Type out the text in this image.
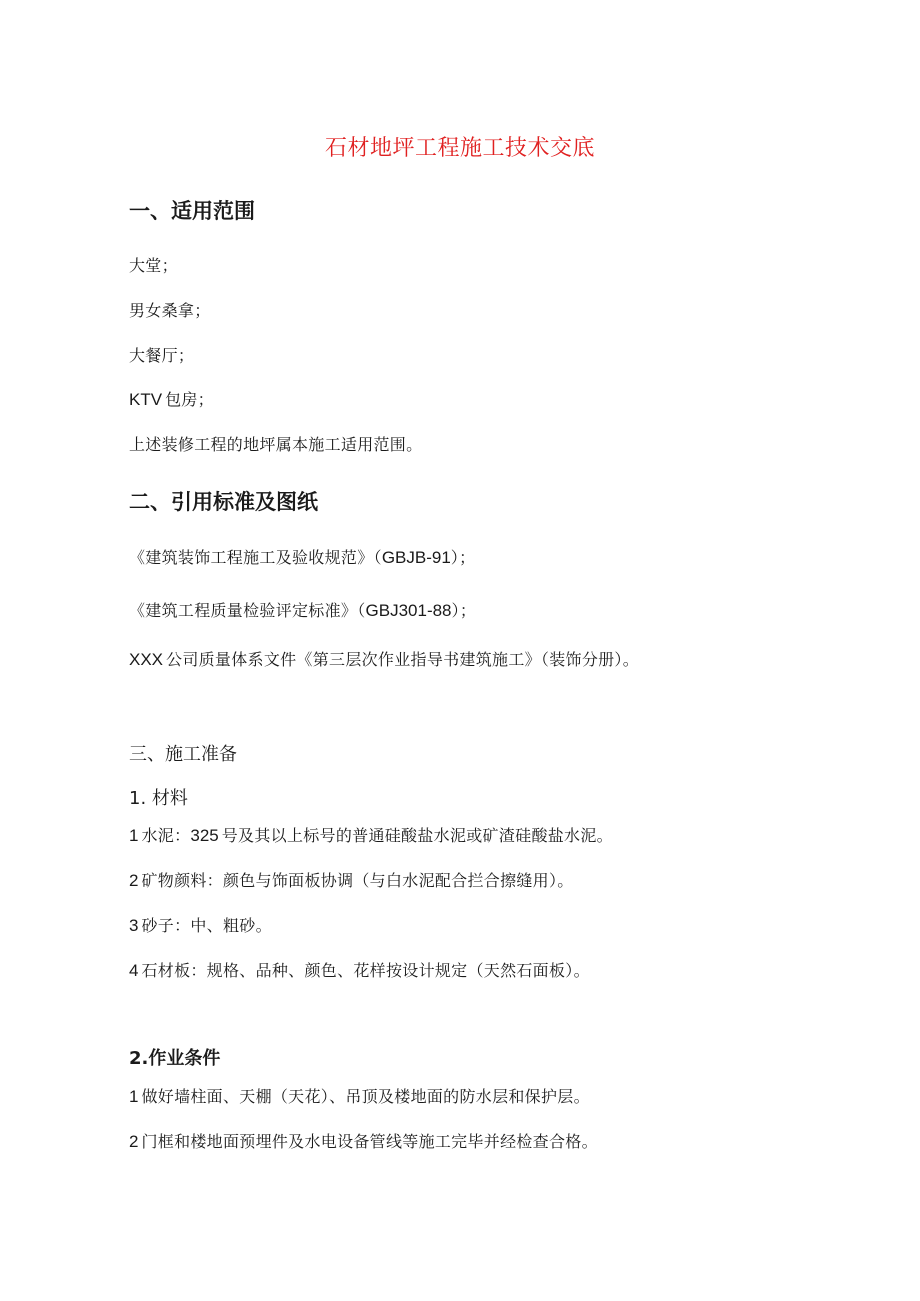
石材地坪工程施工技术交底
一、适用范围
大堂；
男女桑拿；
大餐厅；
KTV 包房；
上述装修工程的地坪属本施工适用范围。
二、引用标准及图纸
《建筑装饰工程施工及验收规范》（GBJB-91）；
《建筑工程质量检验评定标准》（GBJ301-88）；
XXX 公司质量体系文件《第三层次作业指导书建筑施工》（装饰分册）。
三、施工准备
1. 材料
1 水泥：325 号及其以上标号的普通硅酸盐水泥或矿渣硅酸盐水泥。
2 矿物颜料：颜色与饰面板协调（与白水泥配合拦合擦缝用）。
3 砂子：中、粗砂。
4 石材板：规格、品种、颜色、花样按设计规定（天然石面板）。
2.作业条件
1 做好墙柱面、天棚（天花）、吊顶及楼地面的防水层和保护层。
2 门框和楼地面预埋件及水电设备管线等施工完毕并经检查合格。
